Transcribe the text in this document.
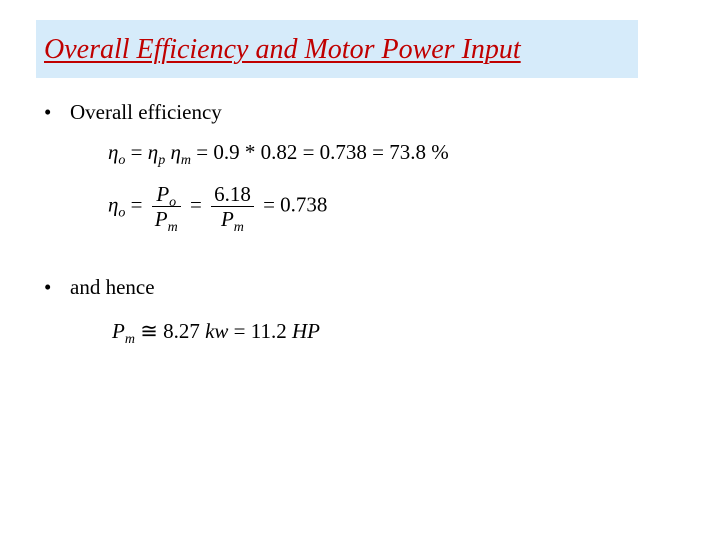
Overall Efficiency and Motor Power Input
• Overall efficiency
$\eta_o = \eta_p$ $\eta_m = 0.9 * 0.82 = 0.738 = 73.8$ %
$\eta_o = \frac{P_o}{P_m} = \frac{6.18}{P_m} = 0.738$
• and hence
$P_m$ ≅ 8.27 kw = 11.2 HP
